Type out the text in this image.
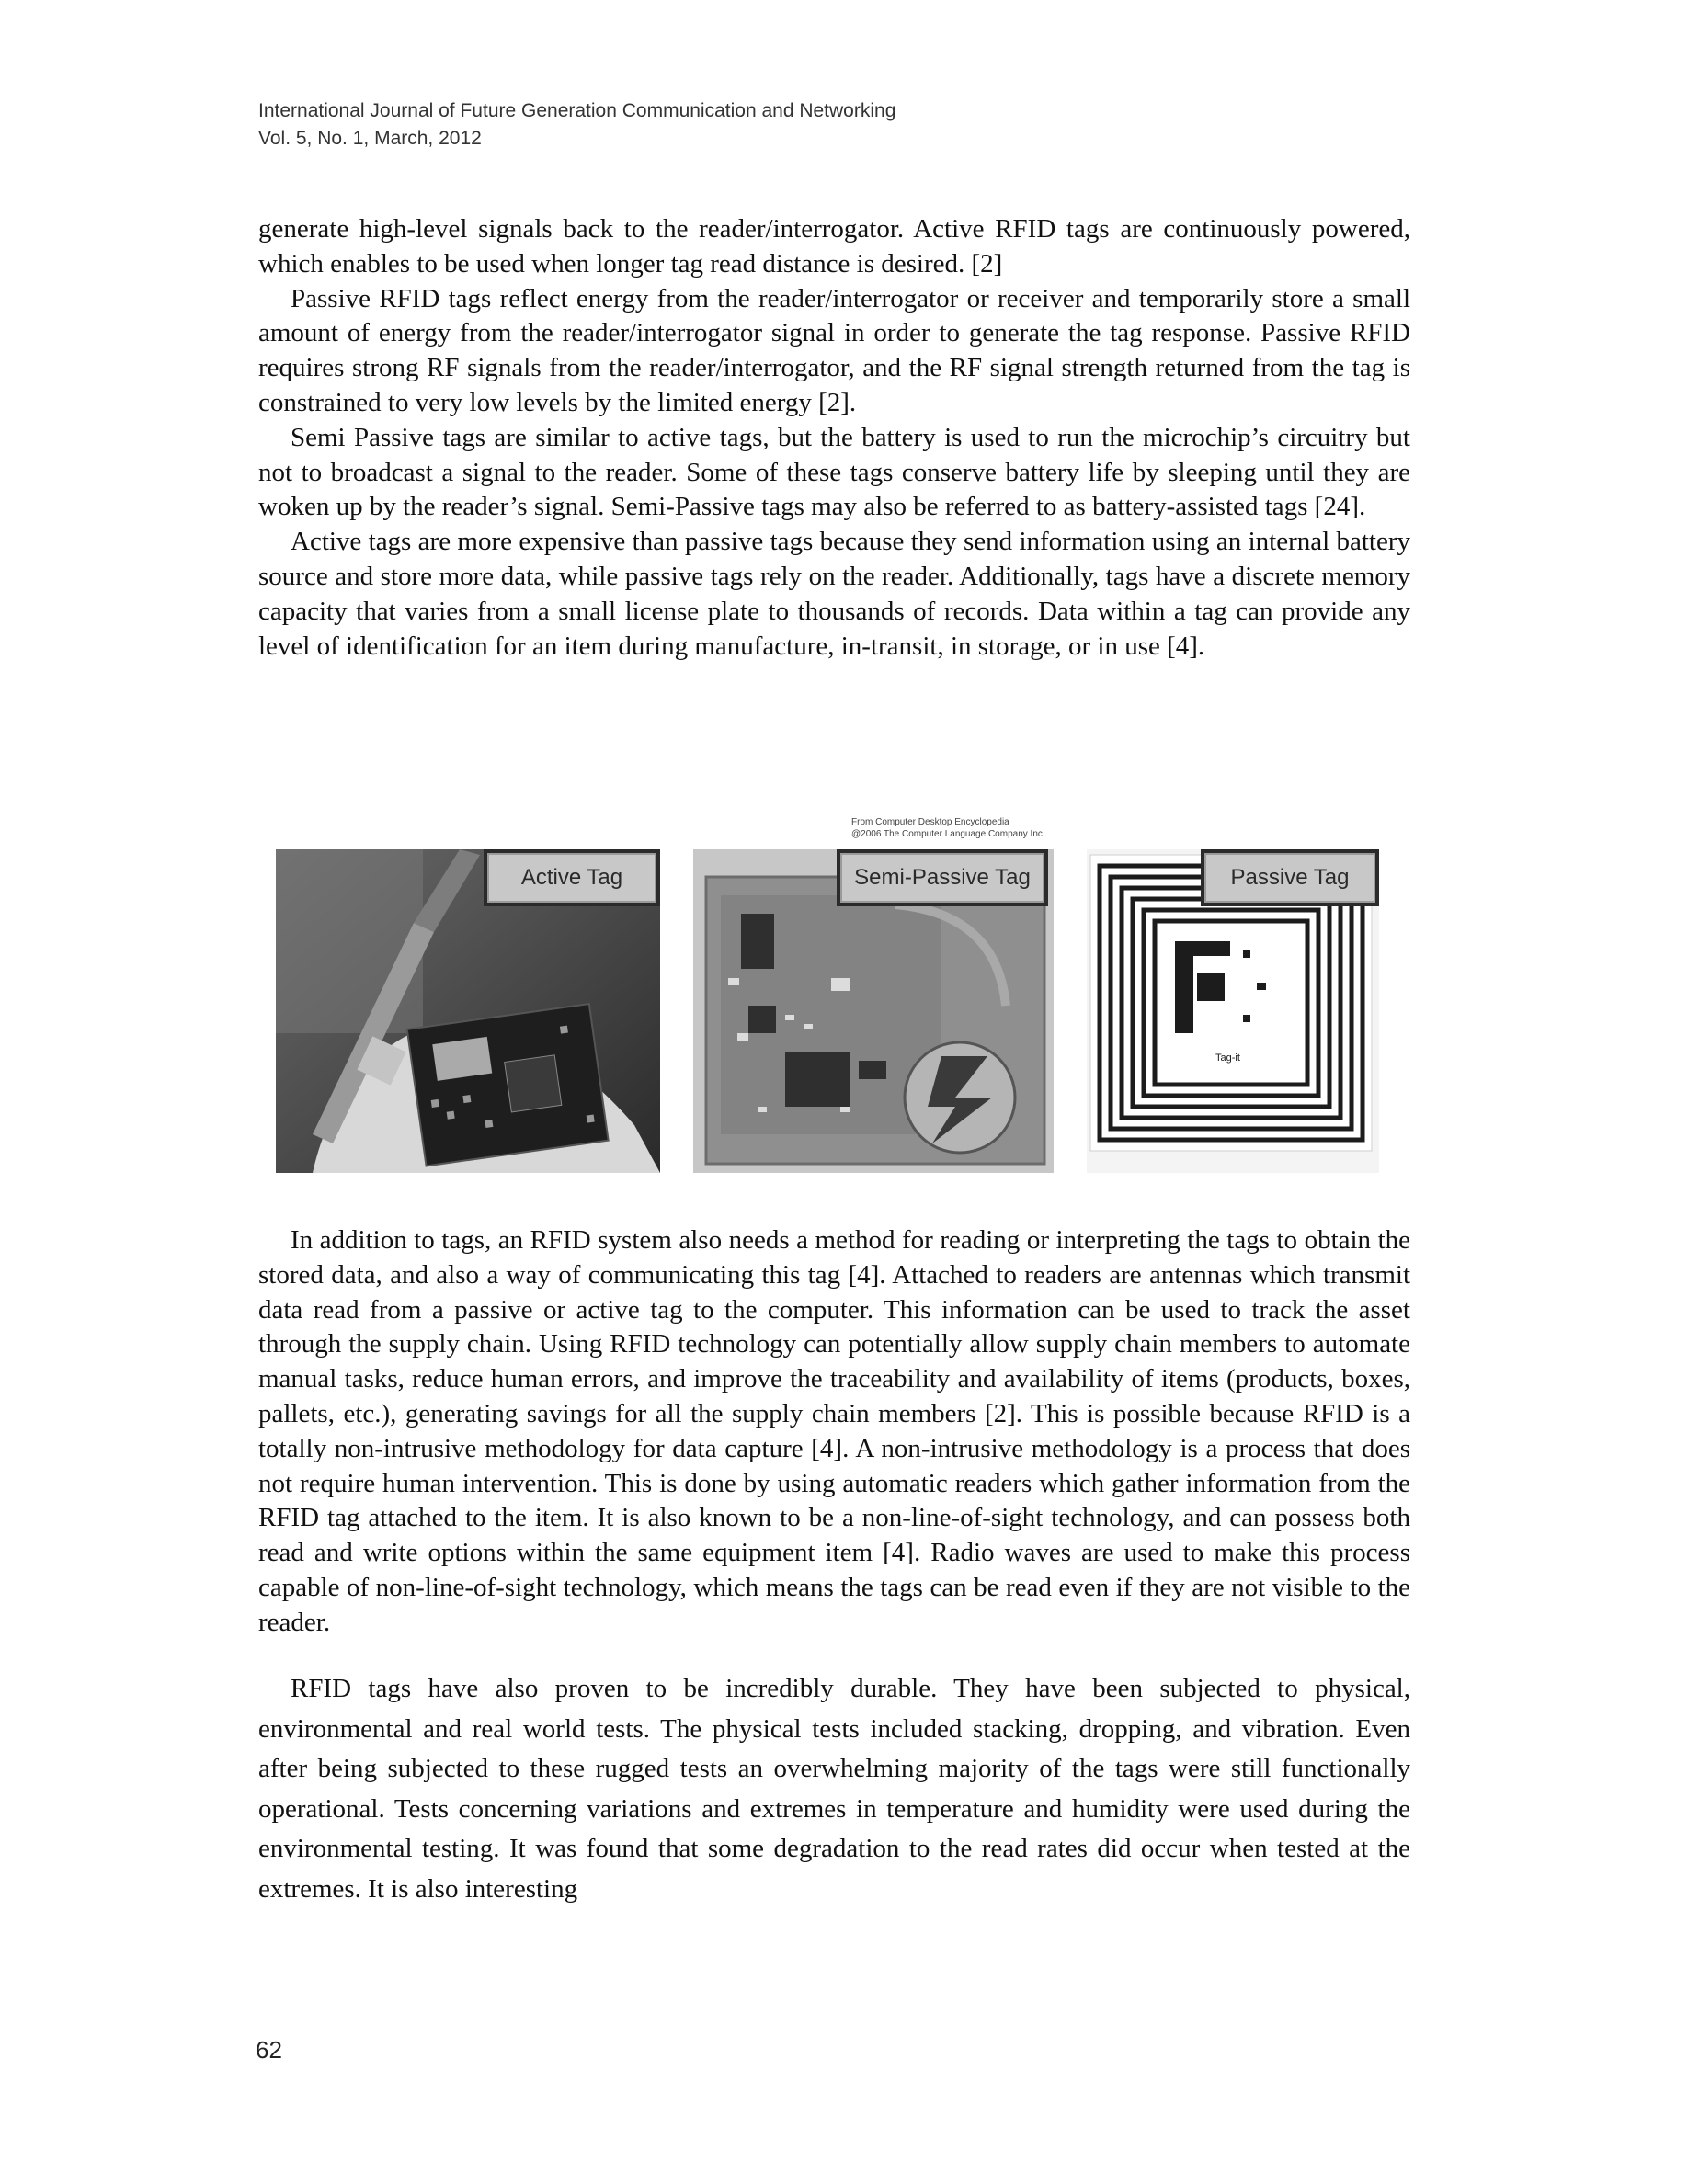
International Journal of Future Generation Communication and Networking
Vol. 5, No. 1, March, 2012

generate high-level signals back to the reader/interrogator. Active RFID tags are continuously powered, which enables to be used when longer tag read distance is desired. [2]

Passive RFID tags reflect energy from the reader/interrogator or receiver and temporarily store a small amount of energy from the reader/interrogator signal in order to generate the tag response. Passive RFID requires strong RF signals from the reader/interrogator, and the RF signal strength returned from the tag is constrained to very low levels by the limited energy [2].

Semi Passive tags are similar to active tags, but the battery is used to run the microchip’s circuitry but not to broadcast a signal to the reader. Some of these tags conserve battery life by sleeping until they are woken up by the reader’s signal. Semi-Passive tags may also be referred to as battery-assisted tags [24].

Active tags are more expensive than passive tags because they send information using an internal battery source and store more data, while passive tags rely on the reader. Additionally, tags have a discrete memory capacity that varies from a small license plate to thousands of records. Data within a tag can provide any level of identification for an item during manufacture, in-transit, in storage, or in use [4].

From Computer Desktop Encyclopedia
@2006 The Computer Language Company Inc.
Active Tag	Semi-Passive Tag
Tag-it
Passive Tag

In addition to tags, an RFID system also needs a method for reading or interpreting the tags to obtain the stored data, and also a way of communicating this tag [4]. Attached to readers are antennas which transmit data read from a passive or active tag to the computer. This information can be used to track the asset through the supply chain. Using RFID technology can potentially allow supply chain members to automate manual tasks, reduce human errors, and improve the traceability and availability of items (products, boxes, pallets, etc.), generating savings for all the supply chain members [2]. This is possible because RFID is a totally non-intrusive methodology for data capture [4]. A non-intrusive methodology is a process that does not require human intervention. This is done by using automatic readers which gather information from the RFID tag attached to the item. It is also known to be a non-line-of-sight technology, and can possess both read and write options within the same equipment item [4]. Radio waves are used to make this process capable of non-line-of-sight technology, which means the tags can be read even if they are not visible to the reader.

RFID tags have also proven to be incredibly durable. They have been subjected to physical, environmental and real world tests. The physical tests included stacking, dropping, and vibration. Even after being subjected to these rugged tests an overwhelming majority of the tags were still functionally operational. Tests concerning variations and extremes in temperature and humidity were used during the environmental testing. It was found that some degradation to the read rates did occur when tested at the extremes. It is also interesting

62
